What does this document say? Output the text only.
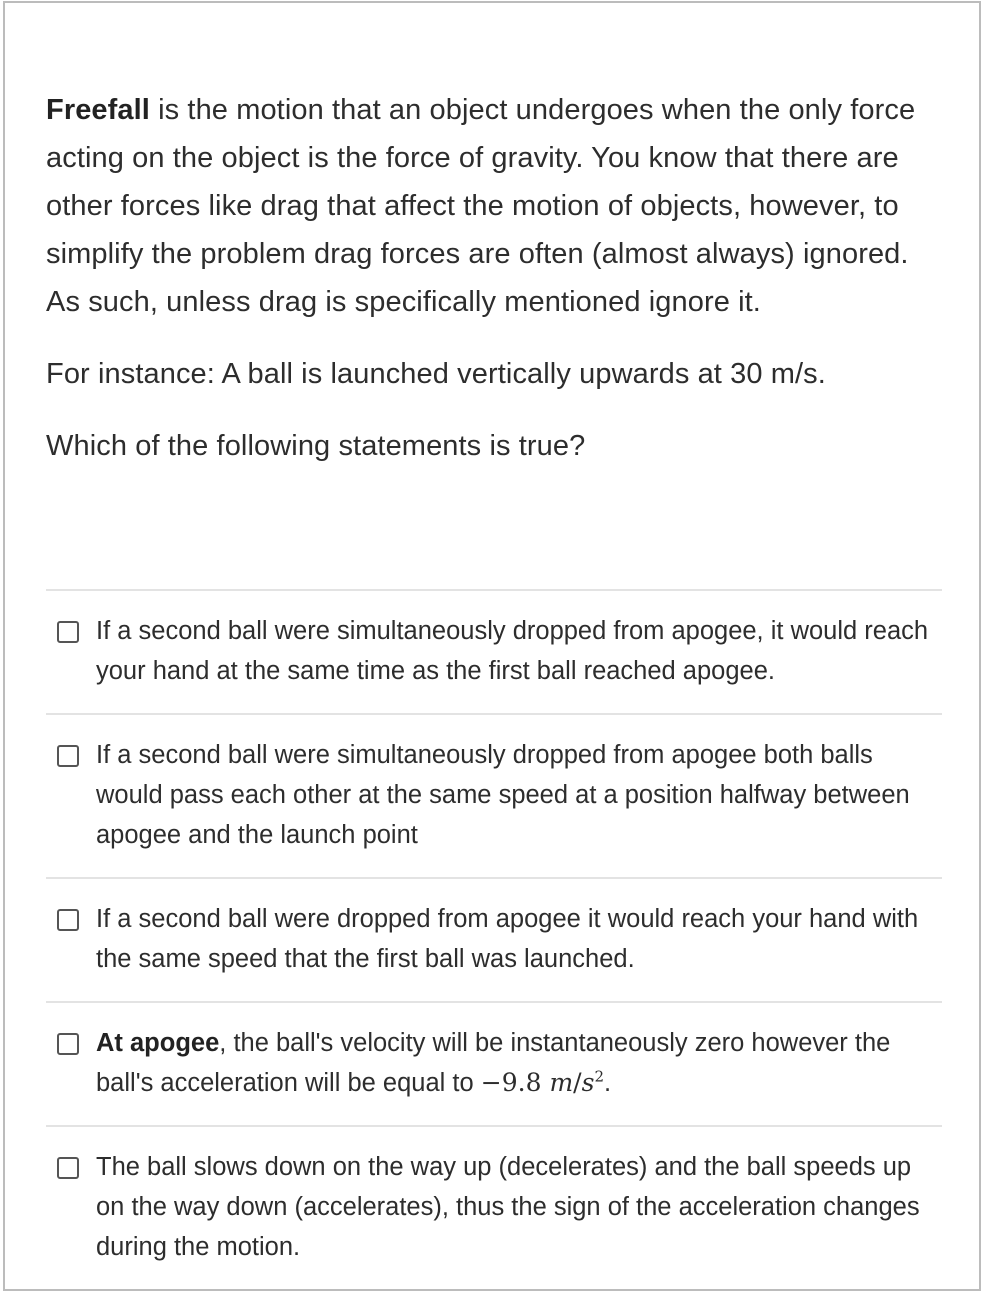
Freefall is the motion that an object undergoes when the only force acting on the object is the force of gravity. You know that there are other forces like drag that affect the motion of objects, however, to simplify the problem drag forces are often (almost always) ignored. As such, unless drag is specifically mentioned ignore it.

For instance: A ball is launched vertically upwards at 30 m/s.

Which of the following statements is true?

If a second ball were simultaneously dropped from apogee, it would reach your hand at the same time as the first ball reached apogee.
If a second ball were simultaneously dropped from apogee both balls would pass each other at the same speed at a position halfway between apogee and the launch point
If a second ball were dropped from apogee it would reach your hand with the same speed that the first ball was launched.
At apogee, the ball's velocity will be instantaneously zero however the ball's acceleration will be equal to −9.8 $m/s^2$.
The ball slows down on the way up (decelerates) and the ball speeds up on the way down (accelerates), thus the sign of the acceleration changes during the motion.
